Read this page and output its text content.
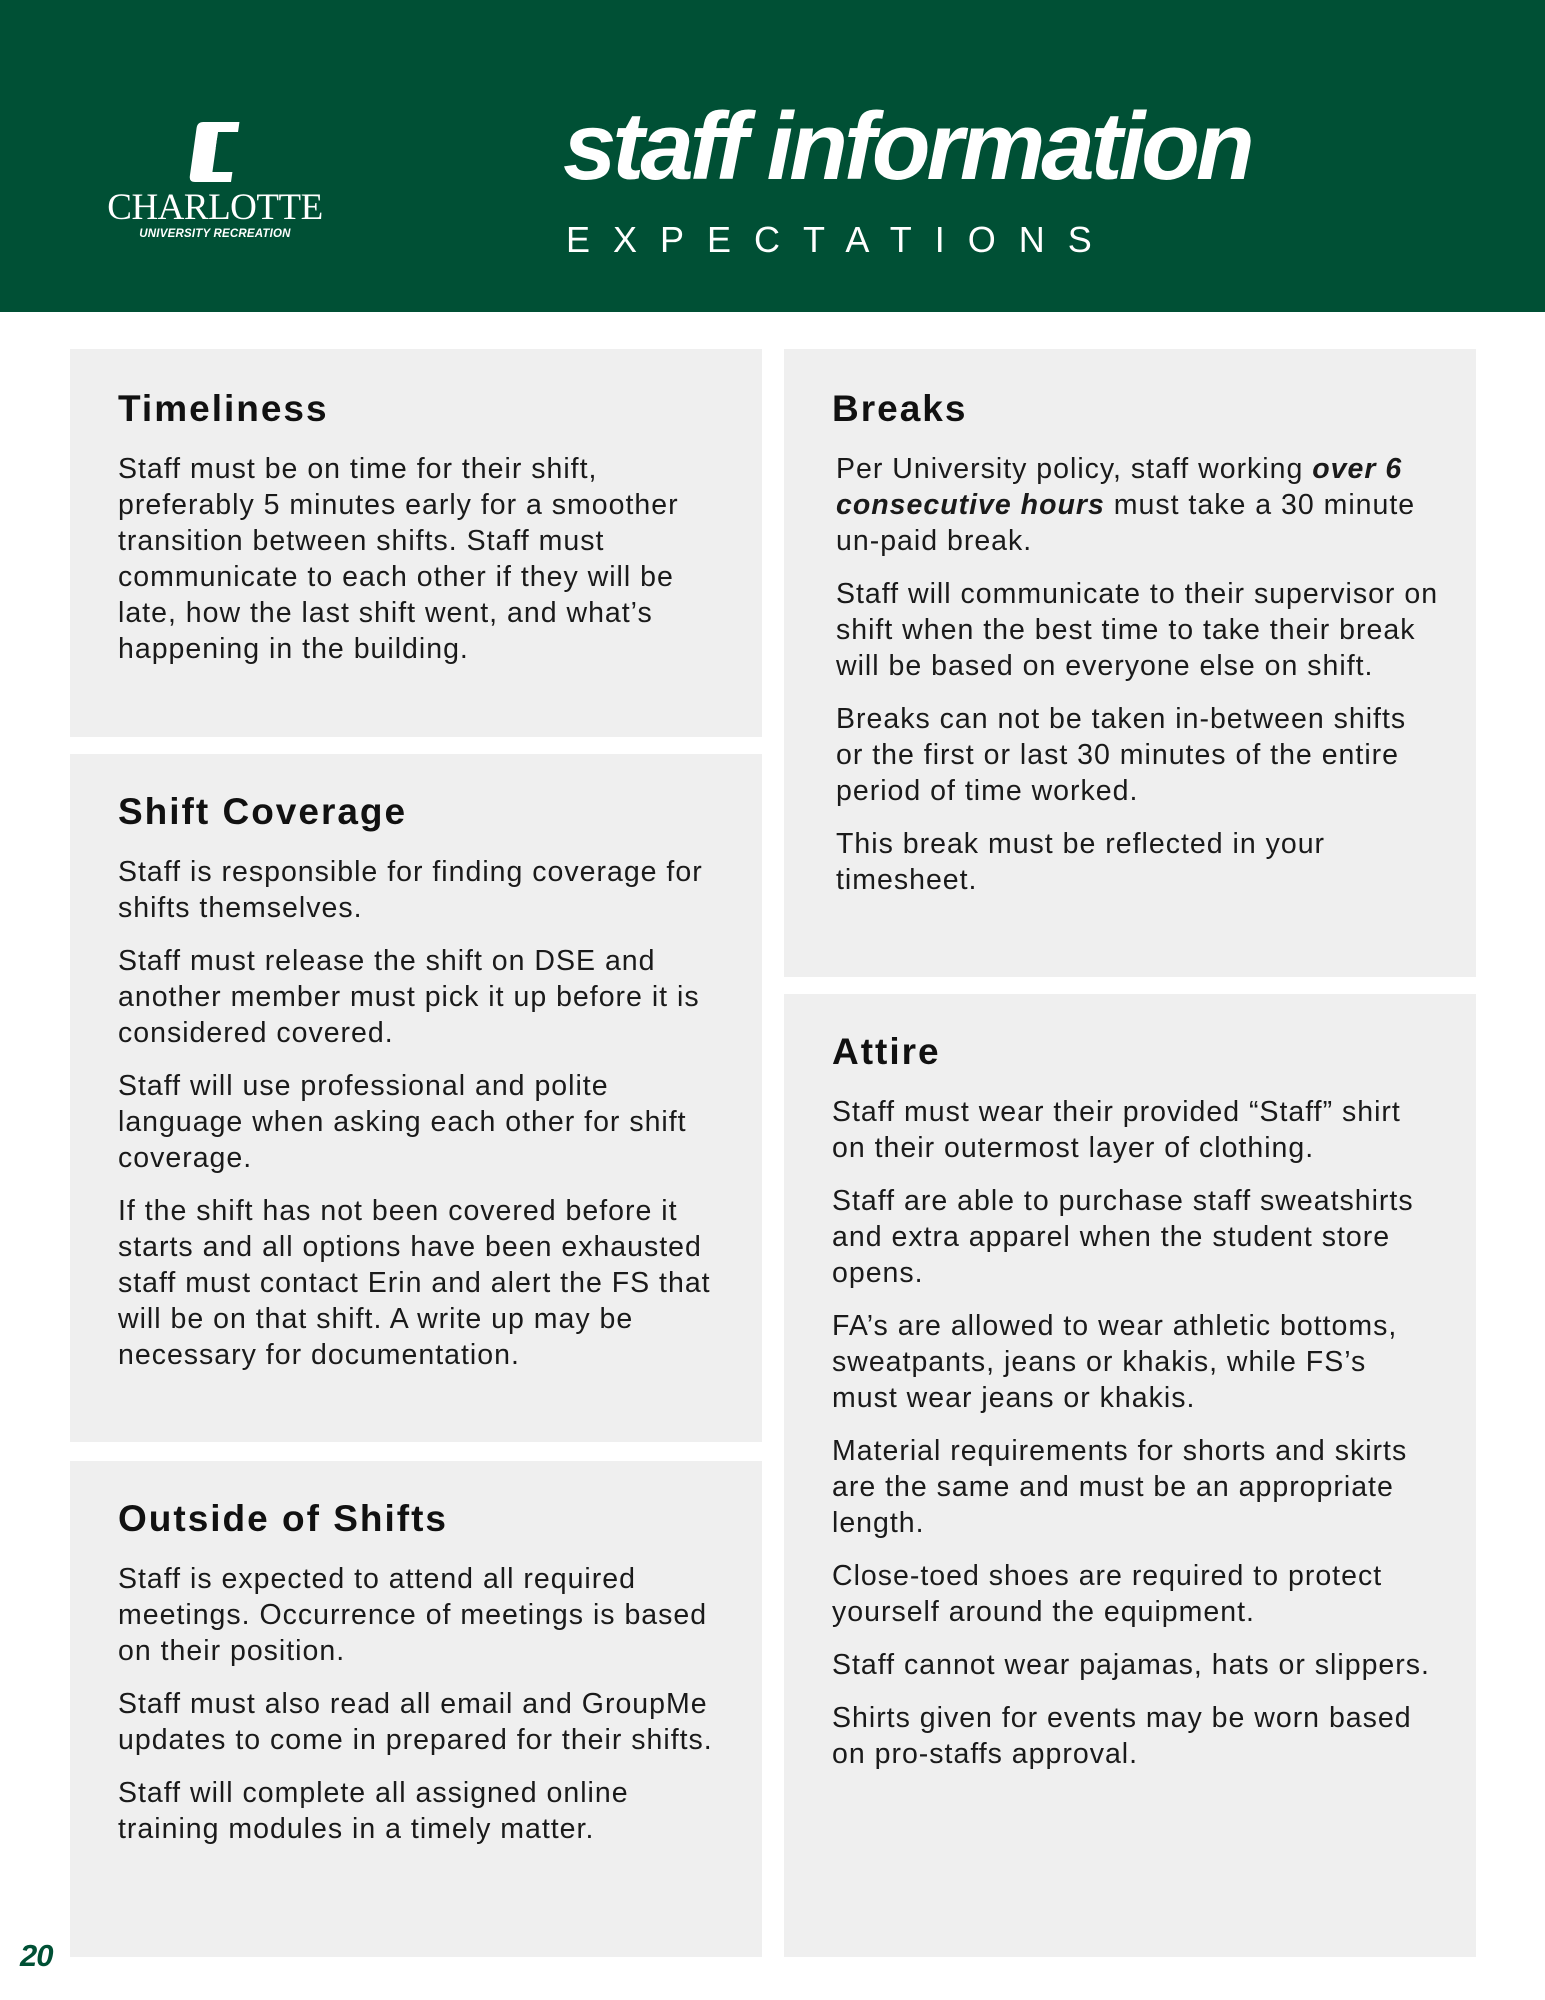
CHARLOTTE
UNIVERSITY RECREATION
staff information
EXPECTATIONS
Timeliness

Staff must be on time for their shift, preferably 5 minutes early for a smoother transition between shifts. Staff must communicate to each other if they will be late, how the last shift went, and what’s happening in the building.

Shift Coverage

Staff is responsible for finding coverage for shifts themselves.

Staff must release the shift on DSE and another member must pick it up before it is considered covered.

Staff will use professional and polite language when asking each other for shift coverage.

If the shift has not been covered before it starts and all options have been exhausted staff must contact Erin and alert the FS that will be on that shift. A write up may be necessary for documentation.

Outside of Shifts

Staff is expected to attend all required meetings. Occurrence of meetings is based on their position.

Staff must also read all email and GroupMe updates to come in prepared for their shifts.

Staff will complete all assigned online training modules in a timely matter.

Breaks

Per University policy, staff working over 6 consecutive hours must take a 30 minute un-paid break.

Staff will communicate to their supervisor on shift when the best time to take their break will be based on everyone else on shift.

Breaks can not be taken in-between shifts or the first or last 30 minutes of the entire period of time worked.

This break must be reflected in your timesheet.

Attire

Staff must wear their provided “Staff” shirt on their outermost layer of clothing.

Staff are able to purchase staff sweatshirts and extra apparel when the student store opens.

FA’s are allowed to wear athletic bottoms, sweatpants, jeans or khakis, while FS’s must wear jeans or khakis.

Material requirements for shorts and skirts are the same and must be an appropriate length.

Close-toed shoes are required to protect yourself around the equipment.

Staff cannot wear pajamas, hats or slippers.

Shirts given for events may be worn based on pro-staffs approval.

20
